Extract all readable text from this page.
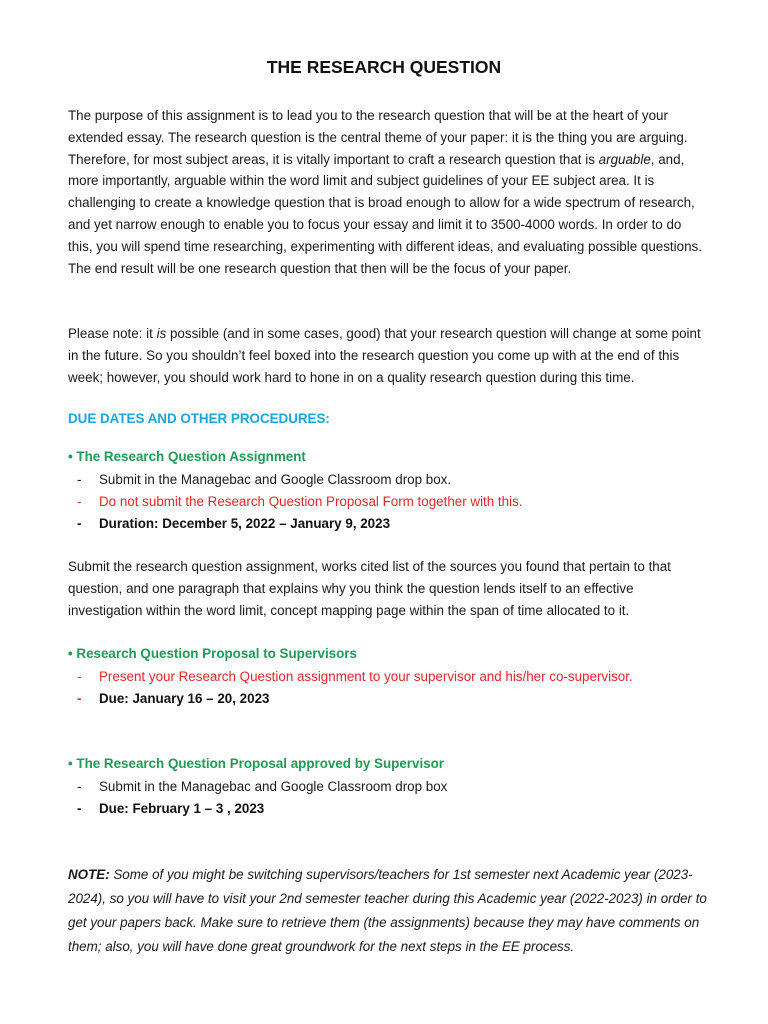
THE RESEARCH QUESTION

The purpose of this assignment is to lead you to the research question that will be at the heart of your extended essay. The research question is the central theme of your paper: it is the thing you are arguing. Therefore, for most subject areas, it is vitally important to craft a research question that is arguable, and, more importantly, arguable within the word limit and subject guidelines of your EE subject area. It is challenging to create a knowledge question that is broad enough to allow for a wide spectrum of research, and yet narrow enough to enable you to focus your essay and limit it to 3500-4000 words. In order to do this, you will spend time researching, experimenting with different ideas, and evaluating possible questions. The end result will be one research question that then will be the focus of your paper.

Please note: it is possible (and in some cases, good) that your research question will change at some point in the future. So you shouldn’t feel boxed into the research question you come up with at the end of this week; however, you should work hard to hone in on a quality research question during this time.

DUE DATES AND OTHER PROCEDURES:
• The Research Question Assignment
- Submit in the Managebac and Google Classroom drop box.
- Do not submit the Research Question Proposal Form together with this.
- Duration: December 5, 2022 – January 9, 2023

Submit the research question assignment, works cited list of the sources you found that pertain to that question, and one paragraph that explains why you think the question lends itself to an effective investigation within the word limit, concept mapping page within the span of time allocated to it.

• Research Question Proposal to Supervisors
- Present your Research Question assignment to your supervisor and his/her co-supervisor.
- Due: January 16 – 20, 2023
• The Research Question Proposal approved by Supervisor
- Submit in the Managebac and Google Classroom drop box
- Due: February 1 – 3 , 2023

NOTE: Some of you might be switching supervisors/teachers for 1st semester next Academic year (2023-2024), so you will have to visit your 2nd semester teacher during this Academic year (2022-2023) in order to get your papers back. Make sure to retrieve them (the assignments) because they may have comments on them; also, you will have done great groundwork for the next steps in the EE process.
